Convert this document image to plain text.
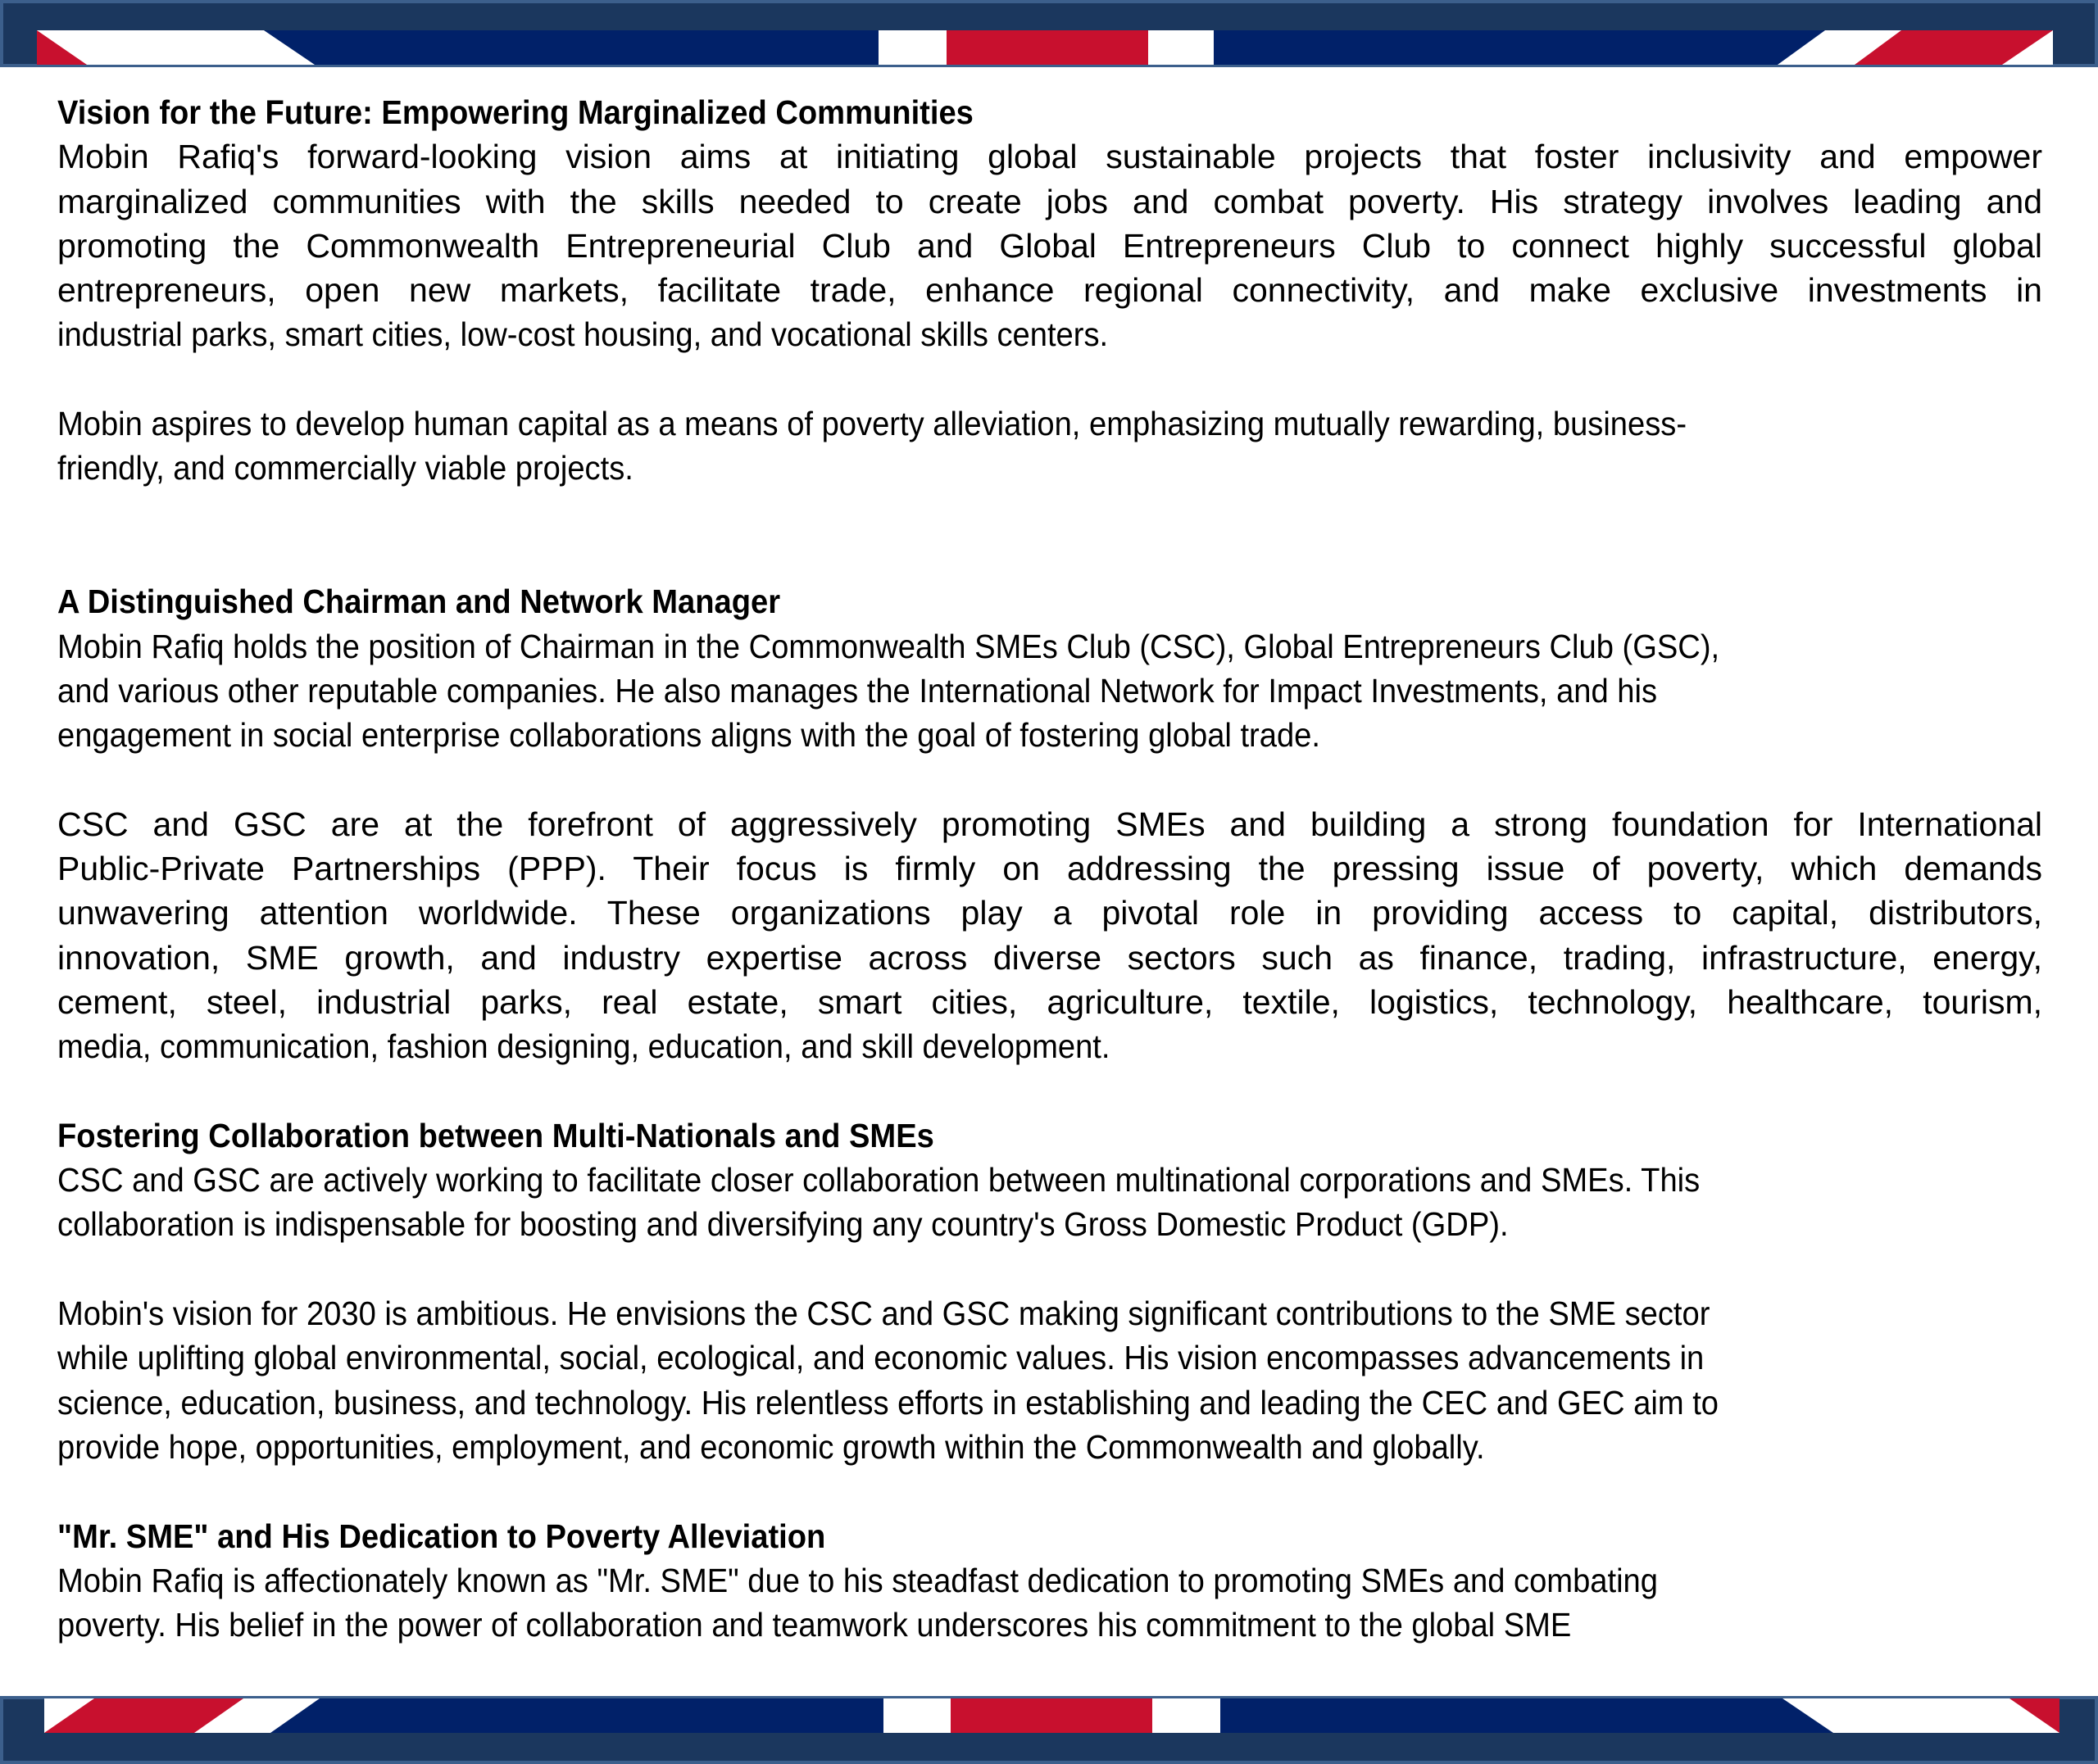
Vision for the Future: Empowering Marginalized Communities
Mobin Rafiq's forward-looking vision aims at initiating global sustainable projects that foster inclusivity and empower
marginalized communities with the skills needed to create jobs and combat poverty. His strategy involves leading and
promoting the Commonwealth Entrepreneurial Club and Global Entrepreneurs Club to connect highly successful global
entrepreneurs, open new markets, facilitate trade, enhance regional connectivity, and make exclusive investments in
industrial parks, smart cities, low-cost housing, and vocational skills centers.
Mobin aspires to develop human capital as a means of poverty alleviation, emphasizing mutually rewarding, business-
friendly, and commercially viable projects.
A Distinguished Chairman and Network Manager
Mobin Rafiq holds the position of Chairman in the Commonwealth SMEs Club (CSC), Global Entrepreneurs Club (GSC),
and various other reputable companies. He also manages the International Network for Impact Investments, and his
engagement in social enterprise collaborations aligns with the goal of fostering global trade.
CSC and GSC are at the forefront of aggressively promoting SMEs and building a strong foundation for International
Public-Private Partnerships (PPP). Their focus is firmly on addressing the pressing issue of poverty, which demands
unwavering attention worldwide. These organizations play a pivotal role in providing access to capital, distributors,
innovation, SME growth, and industry expertise across diverse sectors such as finance, trading, infrastructure, energy,
cement, steel, industrial parks, real estate, smart cities, agriculture, textile, logistics, technology, healthcare, tourism,
media, communication, fashion designing, education, and skill development.
Fostering Collaboration between Multi-Nationals and SMEs
CSC and GSC are actively working to facilitate closer collaboration between multinational corporations and SMEs. This
collaboration is indispensable for boosting and diversifying any country's Gross Domestic Product (GDP).
Mobin's vision for 2030 is ambitious. He envisions the CSC and GSC making significant contributions to the SME sector
while uplifting global environmental, social, ecological, and economic values. His vision encompasses advancements in
science, education, business, and technology. His relentless efforts in establishing and leading the CEC and GEC aim to
provide hope, opportunities, employment, and economic growth within the Commonwealth and globally.
"Mr. SME" and His Dedication to Poverty Alleviation
Mobin Rafiq is affectionately known as "Mr. SME" due to his steadfast dedication to promoting SMEs and combating
poverty. His belief in the power of collaboration and teamwork underscores his commitment to the global SME
